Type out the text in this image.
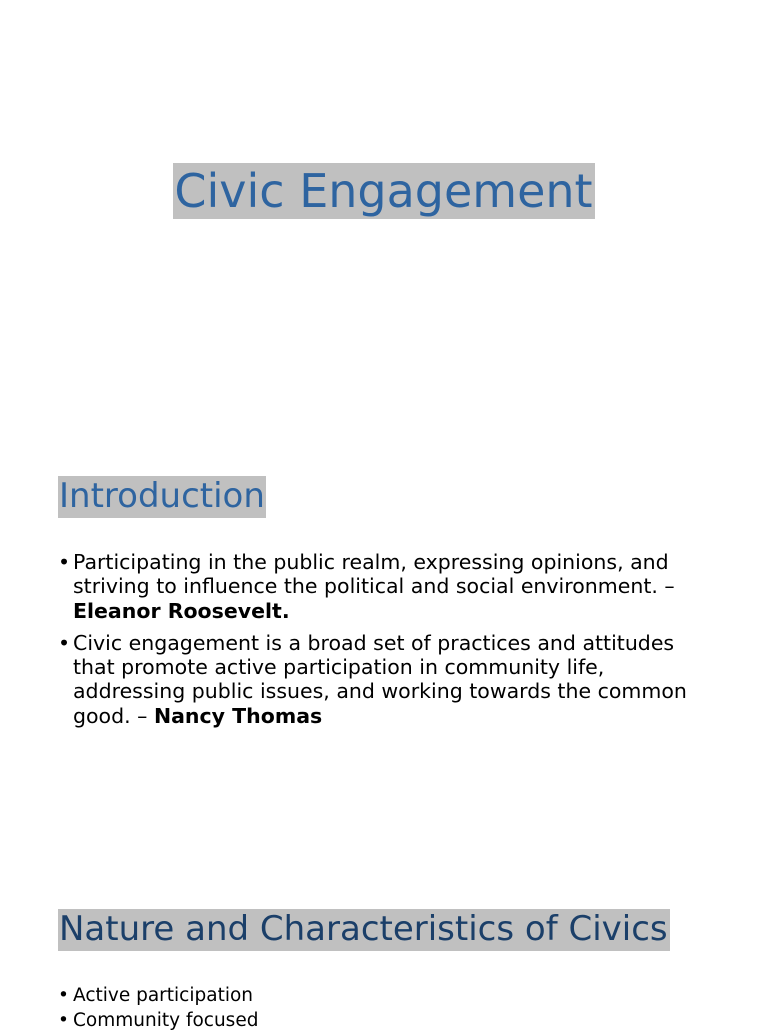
Civic Engagement
Introduction
• Participating in the public realm, expressing opinions, and striving to influence the political and social environment. – Eleanor Roosevelt.
• Civic engagement is a broad set of practices and attitudes that promote active participation in community life, addressing public issues, and working towards the common good. – Nancy Thomas
Nature and Characteristics of Civics
• Active participation
• Community focused
